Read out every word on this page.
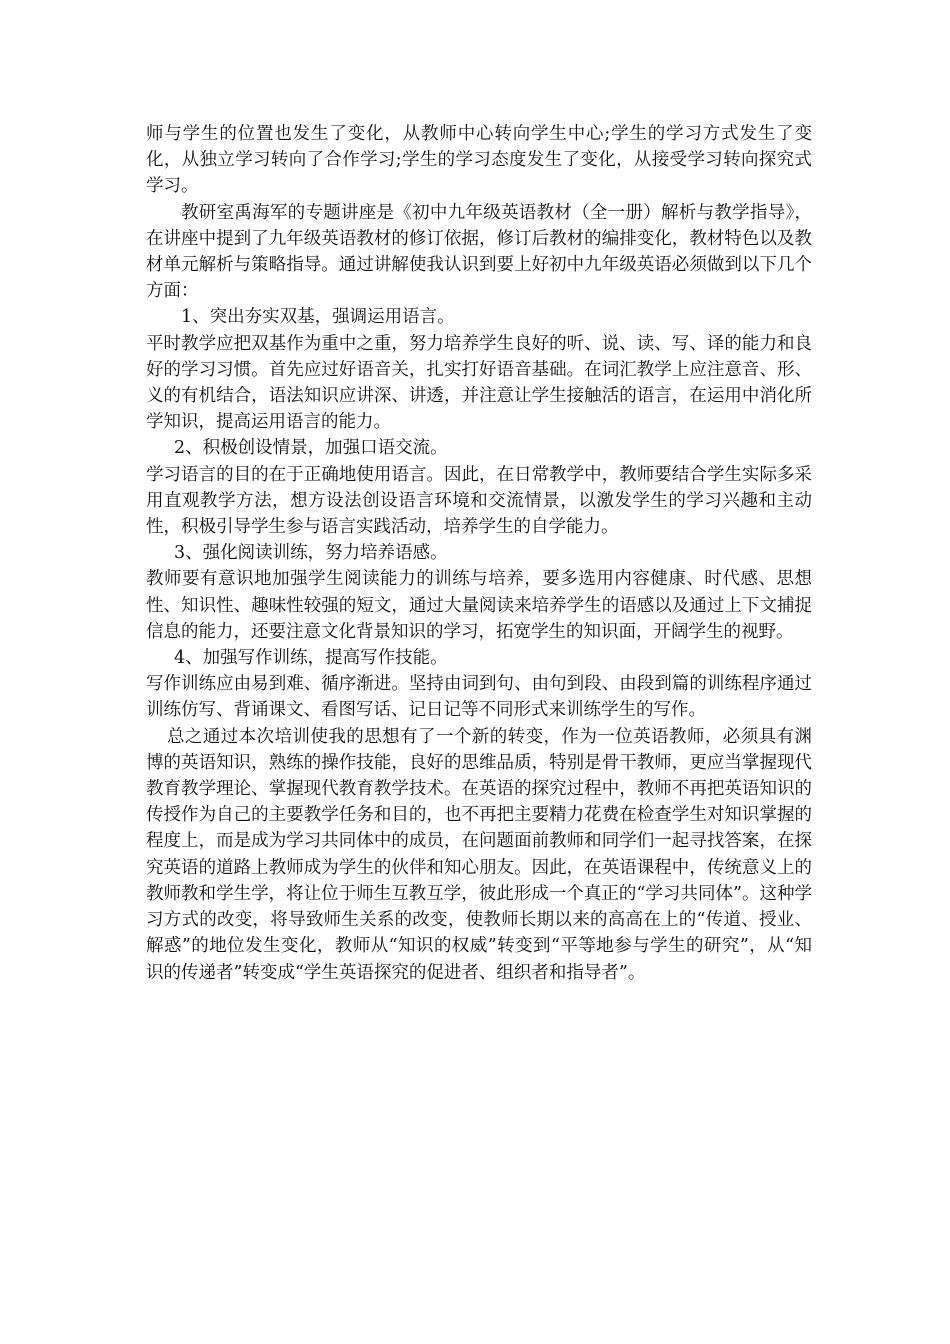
师与学生的位置也发生了变化，从教师中心转向学生中心;学生的学习方式发生了变化，从独立学习转向了合作学习;学生的学习态度发生了变化，从接受学习转向探究式学习。

教研室禹海军的专题讲座是《初中九年级英语教材（全一册）解析与教学指导》，在讲座中提到了九年级英语教材的修订依据，修订后教材的编排变化，教材特色以及教材单元解析与策略指导。通过讲解使我认识到要上好初中九年级英语必须做到以下几个方面：

1、突出夯实双基，强调运用语言。

平时教学应把双基作为重中之重，努力培养学生良好的听、说、读、写、译的能力和良好的学习习惯。首先应过好语音关，扎实打好语音基础。在词汇教学上应注意音、形、义的有机结合，语法知识应讲深、讲透，并注意让学生接触活的语言，在运用中消化所学知识，提高运用语言的能力。

2、积极创设情景，加强口语交流。

学习语言的目的在于正确地使用语言。因此，在日常教学中，教师要结合学生实际多采用直观教学方法，想方设法创设语言环境和交流情景，以激发学生的学习兴趣和主动性，积极引导学生参与语言实践活动，培养学生的自学能力。

3、强化阅读训练，努力培养语感。

教师要有意识地加强学生阅读能力的训练与培养，要多选用内容健康、时代感、思想性、知识性、趣味性较强的短文，通过大量阅读来培养学生的语感以及通过上下文捕捉信息的能力，还要注意文化背景知识的学习，拓宽学生的知识面，开阔学生的视野。

4、加强写作训练，提高写作技能。

写作训练应由易到难、循序渐进。坚持由词到句、由句到段、由段到篇的训练程序通过训练仿写、背诵课文、看图写话、记日记等不同形式来训练学生的写作。

总之通过本次培训使我的思想有了一个新的转变，作为一位英语教师，必须具有渊博的英语知识，熟练的操作技能，良好的思维品质，特别是骨干教师，更应当掌握现代教育教学理论、掌握现代教育教学技术。在英语的探究过程中，教师不再把英语知识的传授作为自己的主要教学任务和目的，也不再把主要精力花费在检查学生对知识掌握的程度上，而是成为学习共同体中的成员，在问题面前教师和同学们一起寻找答案，在探究英语的道路上教师成为学生的伙伴和知心朋友。因此，在英语课程中，传统意义上的教师教和学生学，将让位于师生互教互学，彼此形成一个真正的“学习共同体”。这种学习方式的改变，将导致师生关系的改变，使教师长期以来的高高在上的“传道、授业、解惑”的地位发生变化，教师从“知识的权威”转变到“平等地参与学生的研究”，从“知识的传递者”转变成“学生英语探究的促进者、组织者和指导者”。
